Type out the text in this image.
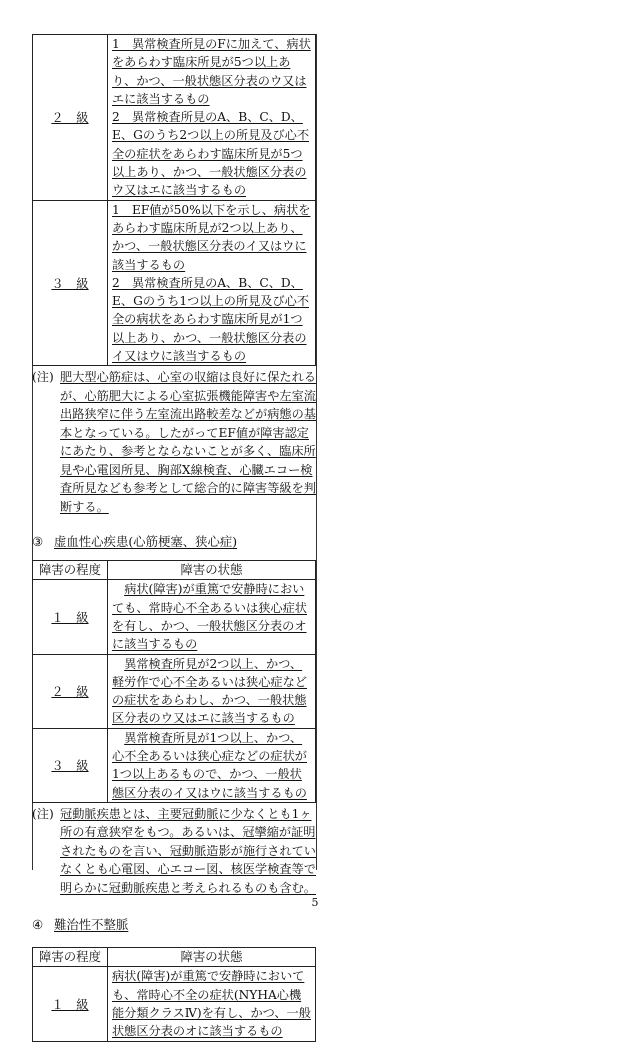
２　級	1　異常検査所見のFに加えて、病状をあらわす臨床所見が5つ以上あり、かつ、一般状態区分表のウ又はエに該当するもの

2　異常検査所見のA、B、C、D、E、Gのうち2つ以上の所見及び心不全の症状をあらわす臨床所見が5つ以上あり、かつ、一般状態区分表のウ又はエに該当するもの

３　級	1　EF値が50%以下を示し、病状をあらわす臨床所見が2つ以上あり、かつ、一般状態区分表のイ又はウに該当するもの

2　異常検査所見のA、B、C、D、E、Gのうち1つ以上の所見及び心不全の病状をあらわす臨床所見が1つ以上あり、かつ、一般状態区分表のイ又はウに該当するもの

(注) 肥大型心筋症は、心室の収縮は良好に保たれるが、心筋肥大による心室拡張機能障害や左室流出路狭窄に伴う左室流出路較差などが病態の基本となっている。したがってEF値が障害認定にあたり、参考とならないことが多く、臨床所見や心電図所見、胸部X線検査、心臓エコー検査所見なども参考として総合的に障害等級を判断する。

③ 虚血性心疾患(心筋梗塞、狭心症)

障害の程度	障害の状態
１　級	病状(障害)が重篤で安静時においても、常時心不全あるいは狭心症状を有し、かつ、一般状態区分表のオに該当するもの

２　級	異常検査所見が2つ以上、かつ、軽労作で心不全あるいは狭心症などの症状をあらわし、かつ、一般状態区分表のウ又はエに該当するもの

３　級	異常検査所見が1つ以上、かつ、心不全あるいは狭心症などの症状が1つ以上あるもので、かつ、一般状態区分表のイ又はウに該当するもの

(注) 冠動脈疾患とは、主要冠動脈に少なくとも1ヶ所の有意狭窄をもつ。あるいは、冠攣縮が証明されたものを言い、冠動脈造影が施行されていなくとも心電図、心エコー図、核医学検査等で明らかに冠動脈疾患と考えられるものも含む。

④ 難治性不整脈

障害の程度	障害の状態
１　級	病状(障害)が重篤で安静時においても、常時心不全の症状(NYHA心機能分類クラスⅣ)を有し、かつ、一般状態区分表のオに該当するもの

5
